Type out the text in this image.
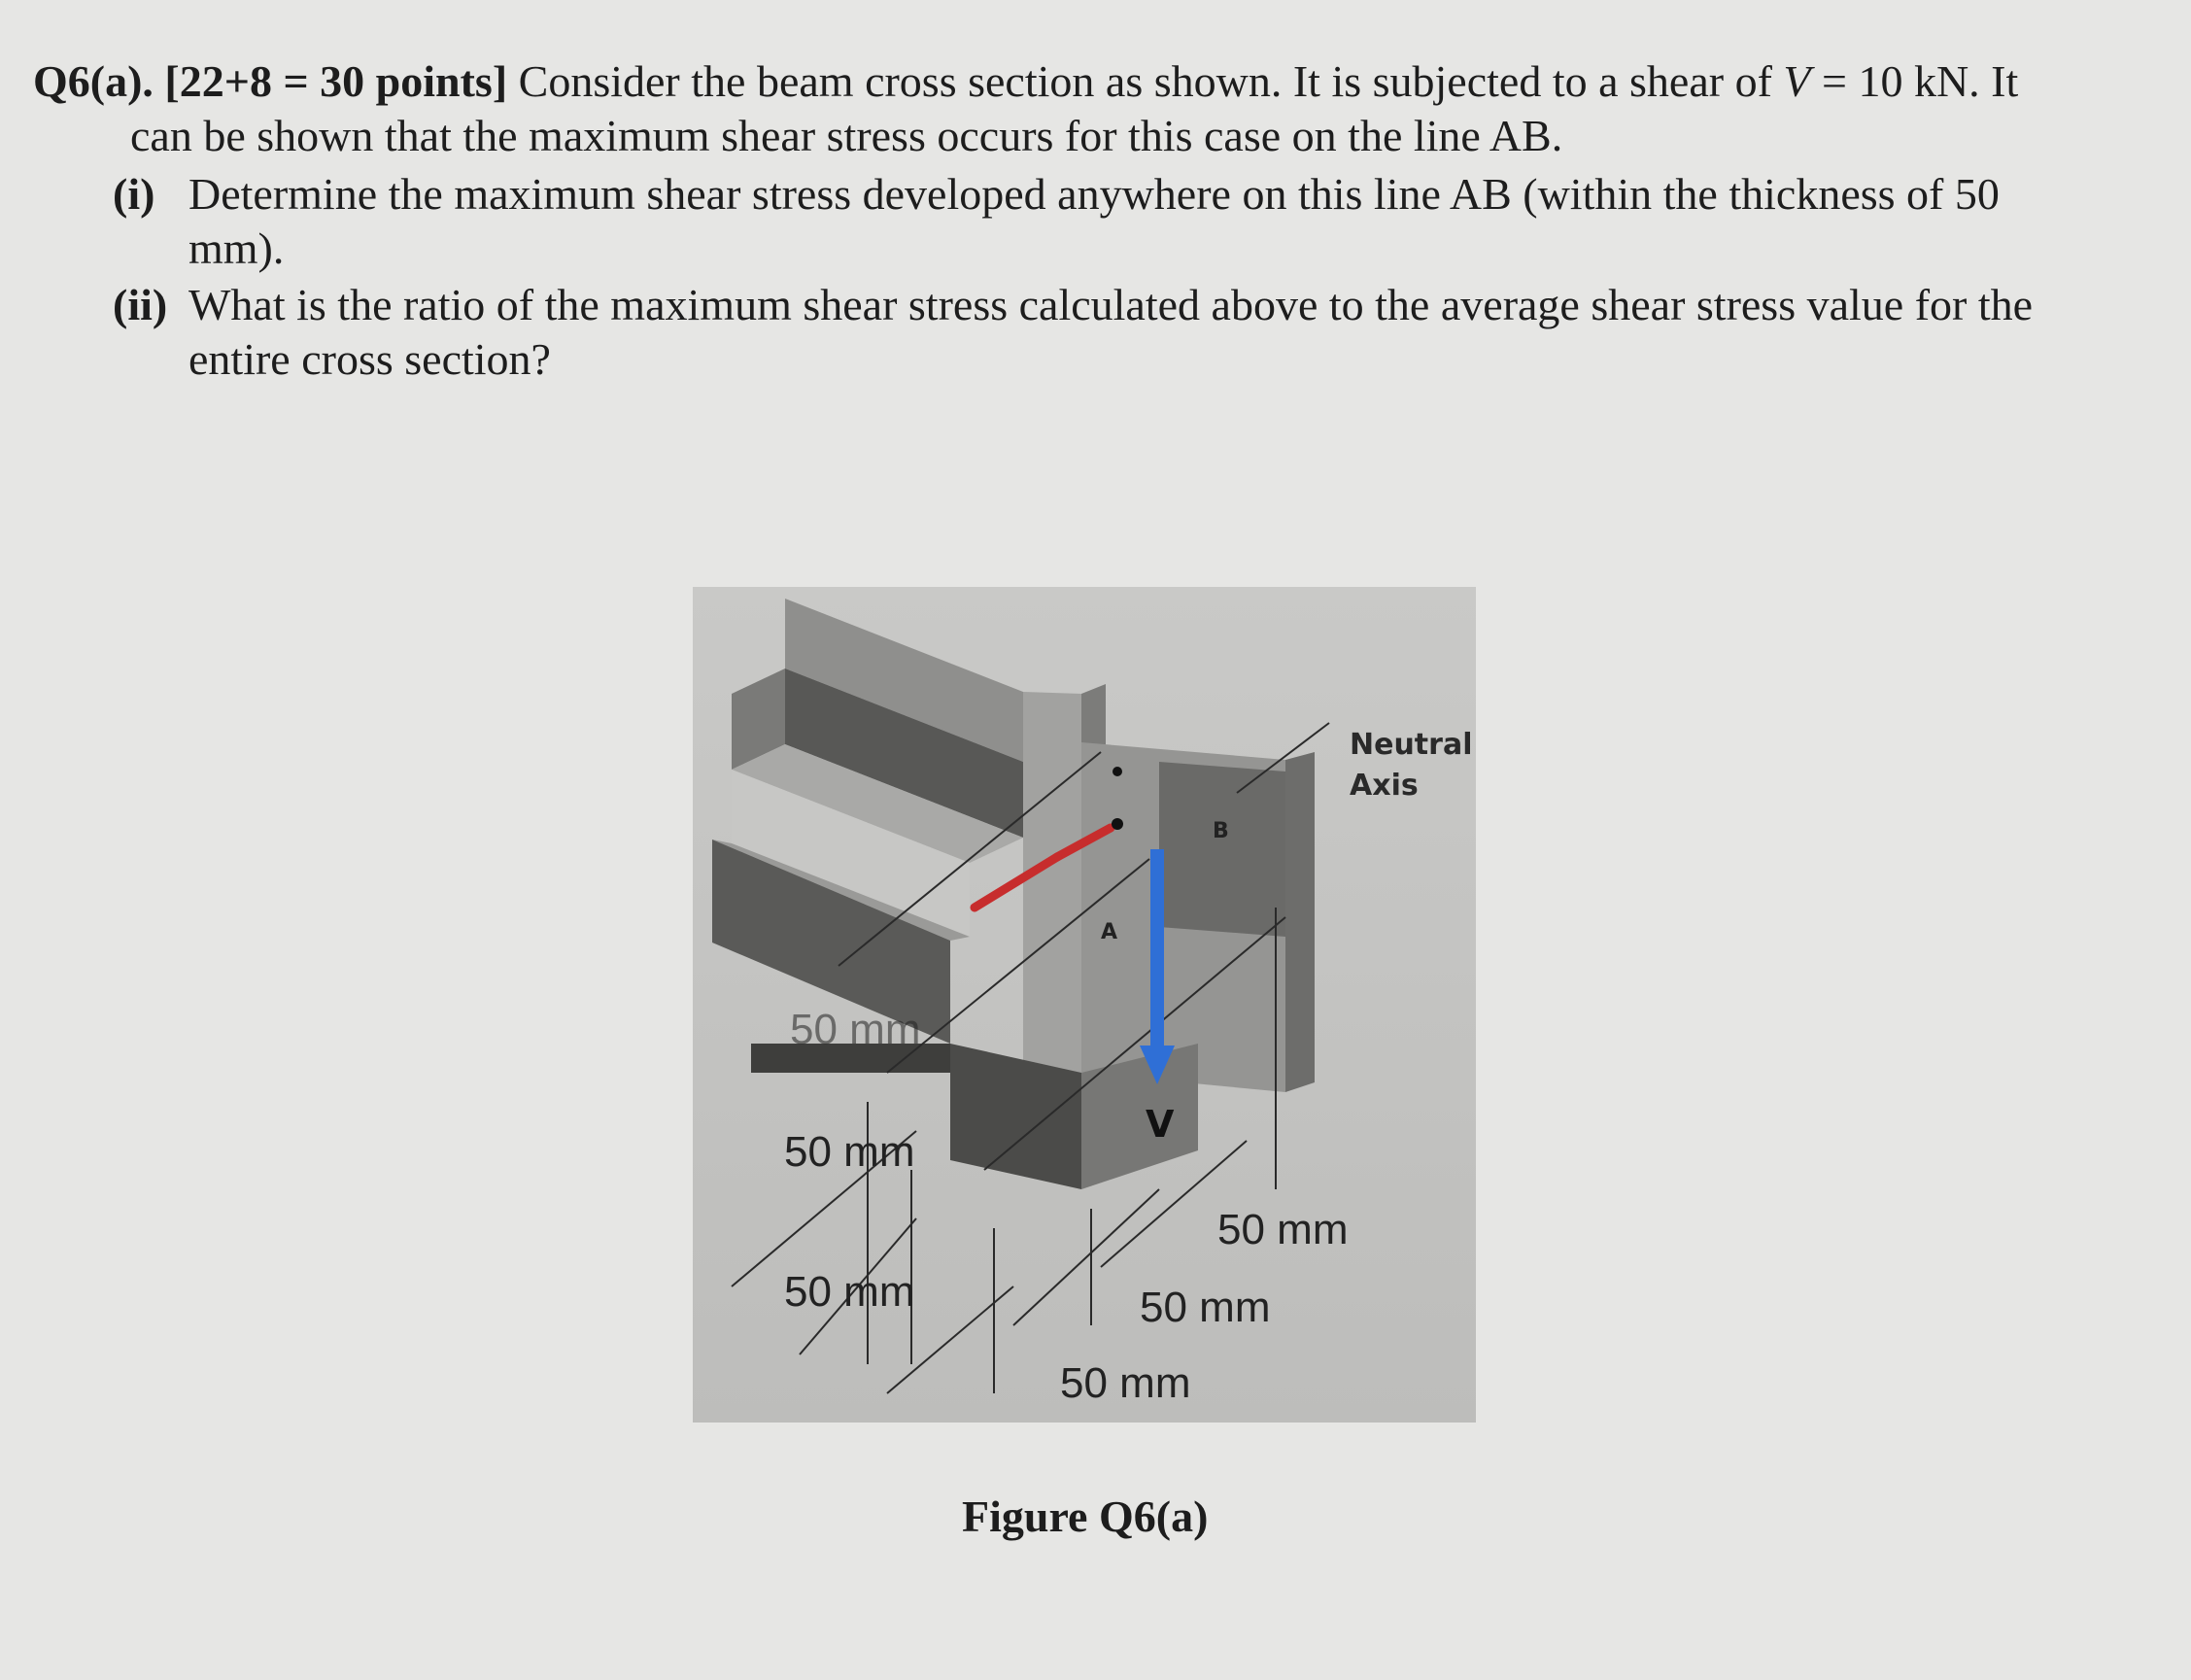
Q6(a). [22+8 = 30 points] Consider the beam cross section as shown. It is subjected to a shear of V = 10 kN. It
can be shown that the maximum shear stress occurs for this case on the line AB.
(i) Determine the maximum shear stress developed anywhere on this line AB (within the thickness of 50
mm).
(ii) What is the ratio of the maximum shear stress calculated above to the average shear stress value for the
entire cross section?
A
B
V
Neutral
Axis
50 mm
50 mm
50 mm
50 mm
50 mm
50 mm
Figure Q6(a)
